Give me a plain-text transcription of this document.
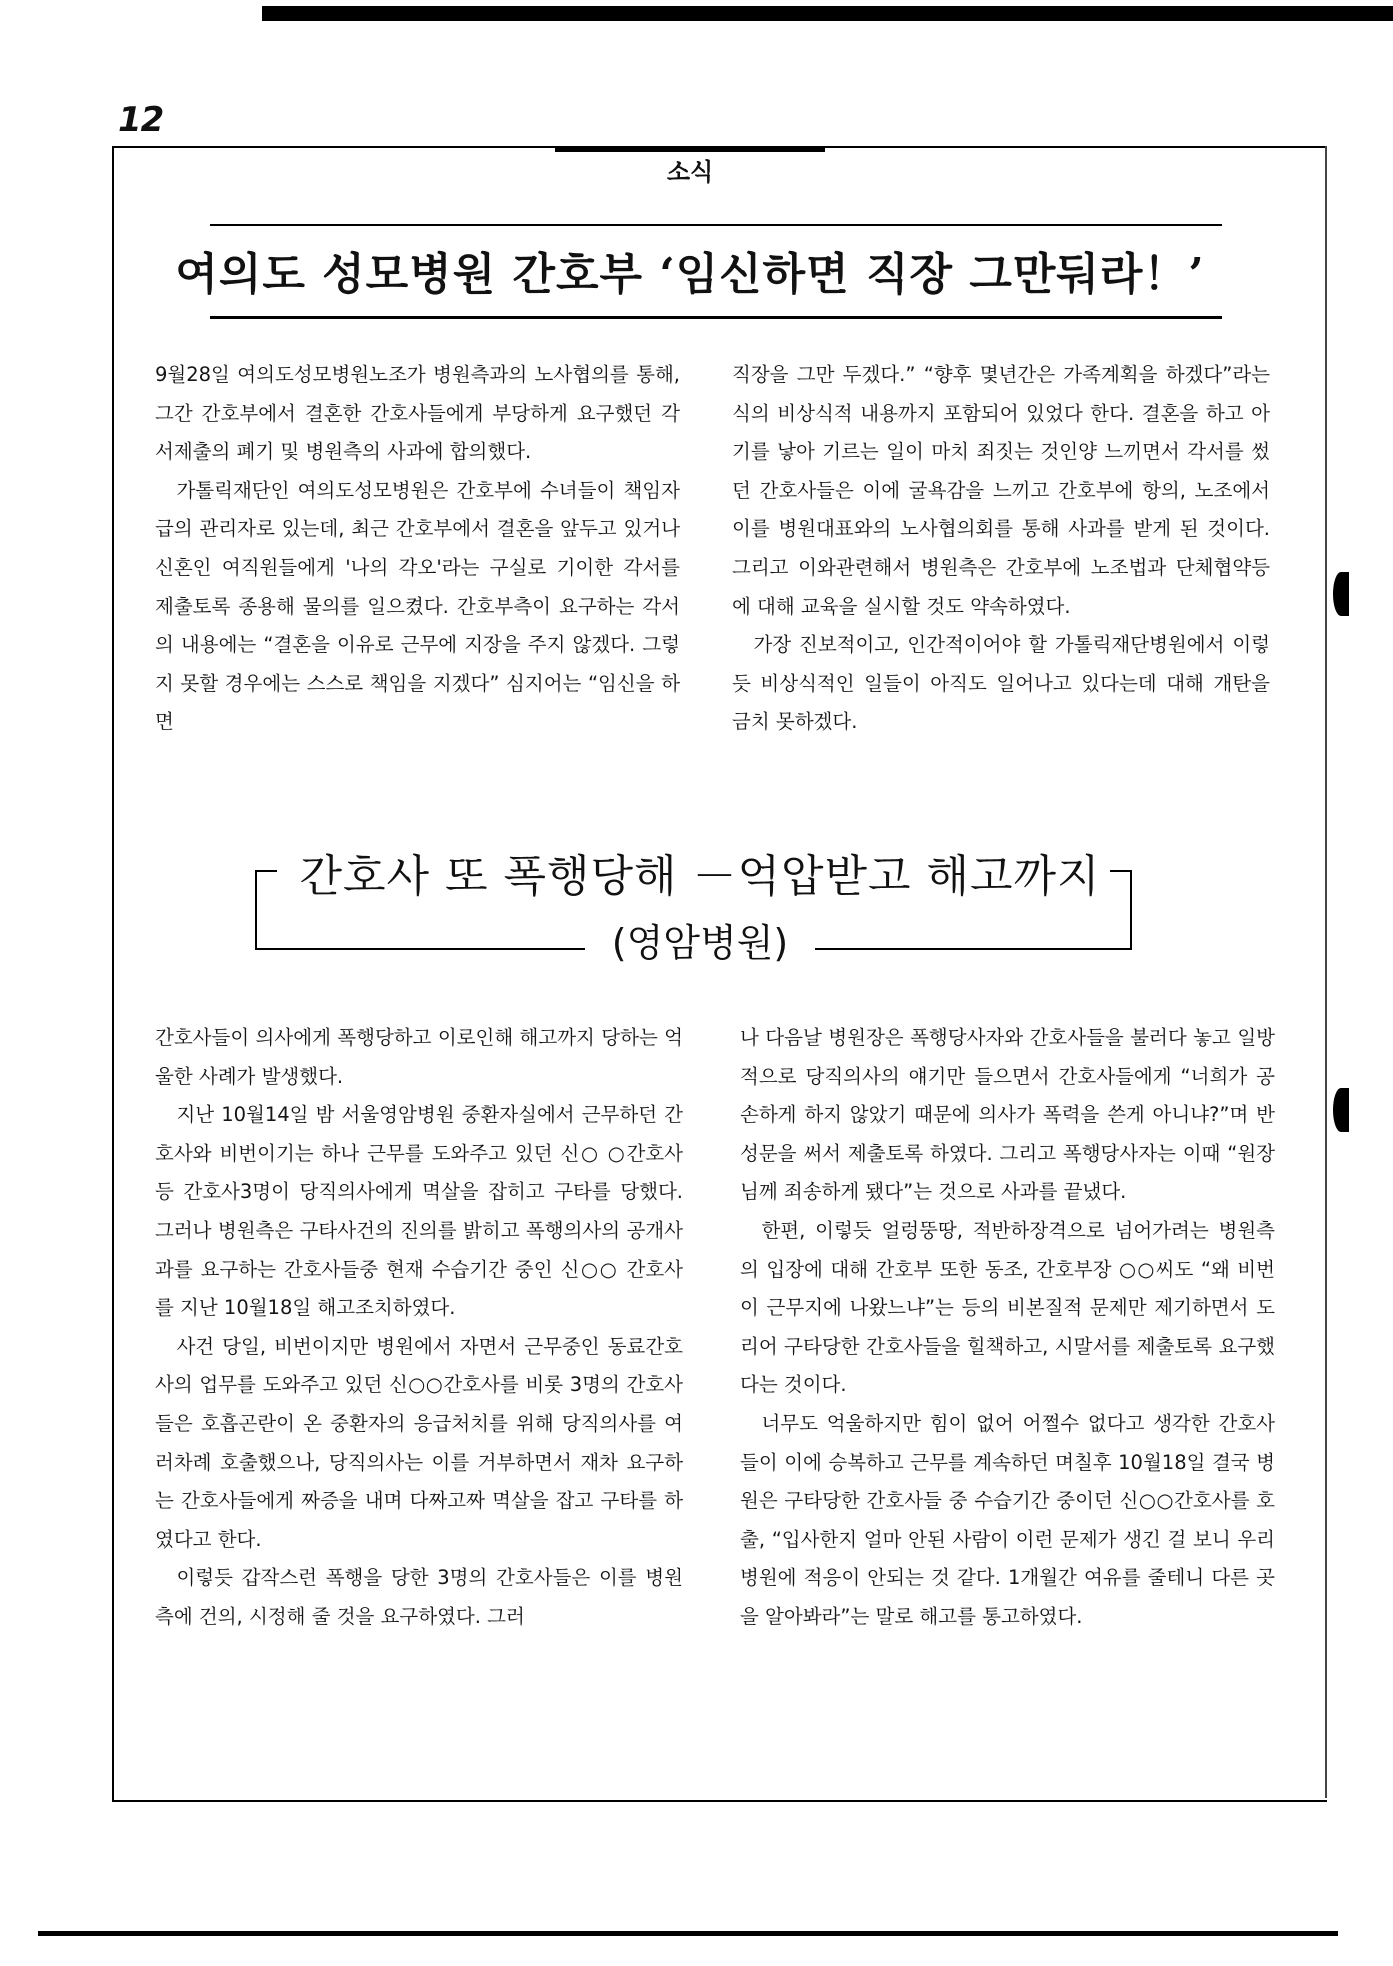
12
소식
여의도 성모병원 간호부 ‘임신하면 직장 그만둬라！’

9월28일 여의도성모병원노조가 병원측과의 노사협의를 통해, 그간 간호부에서 결혼한 간호사들에게 부당하게 요구했던 각서제출의 폐기 및 병원측의 사과에 합의했다.

가톨릭재단인 여의도성모병원은 간호부에 수녀들이 책임자급의 관리자로 있는데, 최근 간호부에서 결혼을 앞두고 있거나 신혼인 여직원들에게 '나의 각오'라는 구실로 기이한 각서를 제출토록 종용해 물의를 일으켰다. 간호부측이 요구하는 각서의 내용에는 “결혼을 이유로 근무에 지장을 주지 않겠다. 그렇지 못할 경우에는 스스로 책임을 지겠다” 심지어는 “임신을 하면

직장을 그만 두겠다.” “향후 몇년간은 가족계획을 하겠다”라는 식의 비상식적 내용까지 포함되어 있었다 한다. 결혼을 하고 아기를 낳아 기르는 일이 마치 죄짓는 것인양 느끼면서 각서를 썼던 간호사들은 이에 굴욕감을 느끼고 간호부에 항의, 노조에서 이를 병원대표와의 노사협의회를 통해 사과를 받게 된 것이다. 그리고 이와관련해서 병원측은 간호부에 노조법과 단체협약등에 대해 교육을 실시할 것도 약속하였다.

가장 진보적이고, 인간적이어야 할 가톨릭재단병원에서 이렇듯 비상식적인 일들이 아직도 일어나고 있다는데 대해 개탄을 금치 못하겠다.

간호사 또 폭행당해 －억압받고 해고까지
(영암병원)

간호사들이 의사에게 폭행당하고 이로인해 해고까지 당하는 억울한 사례가 발생했다.

지난 10월14일 밤 서울영암병원 중환자실에서 근무하던 간호사와 비번이기는 하나 근무를 도와주고 있던 신○ ○간호사등 간호사3명이 당직의사에게 멱살을 잡히고 구타를 당했다. 그러나 병원측은 구타사건의 진의를 밝히고 폭행의사의 공개사과를 요구하는 간호사들중 현재 수습기간 중인 신○○ 간호사를 지난 10월18일 해고조치하였다.

사건 당일, 비번이지만 병원에서 자면서 근무중인 동료간호사의 업무를 도와주고 있던 신○○간호사를 비롯 3명의 간호사들은 호흡곤란이 온 중환자의 응급처치를 위해 당직의사를 여러차례 호출했으나, 당직의사는 이를 거부하면서 재차 요구하는 간호사들에게 짜증을 내며 다짜고짜 멱살을 잡고 구타를 하였다고 한다.

이렇듯 갑작스런 폭행을 당한 3명의 간호사들은 이를 병원측에 건의, 시정해 줄 것을 요구하였다. 그러

나 다음날 병원장은 폭행당사자와 간호사들을 불러다 놓고 일방적으로 당직의사의 얘기만 들으면서 간호사들에게 “너희가 공손하게 하지 않았기 때문에 의사가 폭력을 쓴게 아니냐?”며 반성문을 써서 제출토록 하였다. 그리고 폭행당사자는 이때 “원장님께 죄송하게 됐다”는 것으로 사과를 끝냈다.

한편, 이렇듯 얼렁뚱땅, 적반하장격으로 넘어가려는 병원측의 입장에 대해 간호부 또한 동조, 간호부장 ○○씨도 “왜 비번이 근무지에 나왔느냐”는 등의 비본질적 문제만 제기하면서 도리어 구타당한 간호사들을 힐책하고, 시말서를 제출토록 요구했다는 것이다.

너무도 억울하지만 힘이 없어 어쩔수 없다고 생각한 간호사들이 이에 승복하고 근무를 계속하던 며칠후 10월18일 결국 병원은 구타당한 간호사들 중 수습기간 중이던 신○○간호사를 호출, “입사한지 얼마 안된 사람이 이런 문제가 생긴 걸 보니 우리 병원에 적응이 안되는 것 같다. 1개월간 여유를 줄테니 다른 곳을 알아봐라”는 말로 해고를 통고하였다.
